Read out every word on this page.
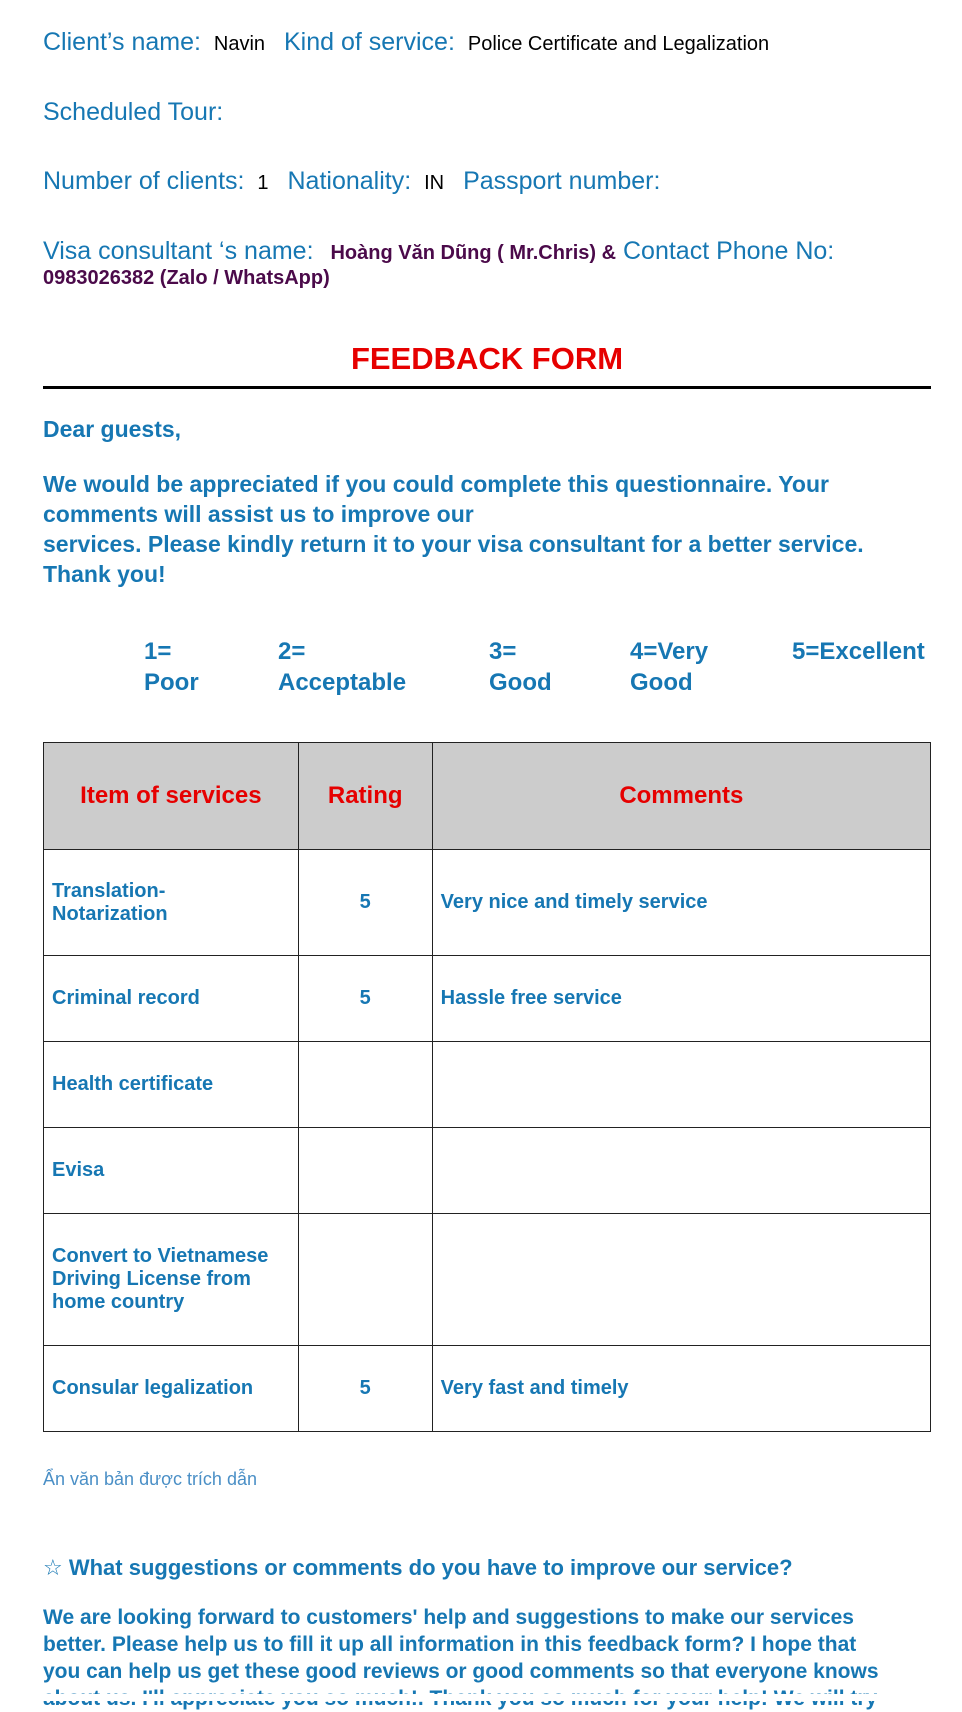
Client’s name: Navin Kind of service: Police Certificate and Legalization
Scheduled Tour:
Number of clients: 1 Nationality: IN Passport number:
Visa consultant ‘s name: Hoàng Văn Dũng ( Mr.Chris) & Contact Phone No:
0983026382 (Zalo / WhatsApp)
FEEDBACK FORM
Dear guests,
We would be appreciated if you could complete this questionnaire. Your
comments will assist us to improve our
services. Please kindly return it to your visa consultant for a better service.
Thank you!
1=
Poor
2=
Acceptable
3=
Good
4=Very
Good
5=Excellent
Item of services	Rating	Comments

Translation-
Notarization	5	Very nice and timely service

Criminal record	5	Hassle free service

Health certificate		

Evisa		

Convert to Vietnamese
Driving License from
home country		

Consular legalization	5	Very fast and timely
Ẩn văn bản được trích dẫn
☆ What suggestions or comments do you have to improve our service?
We are looking forward to customers' help and suggestions to make our services
better. Please help us to fill it up all information in this feedback form? I hope that
you can help us get these good reviews or good comments so that everyone knows
